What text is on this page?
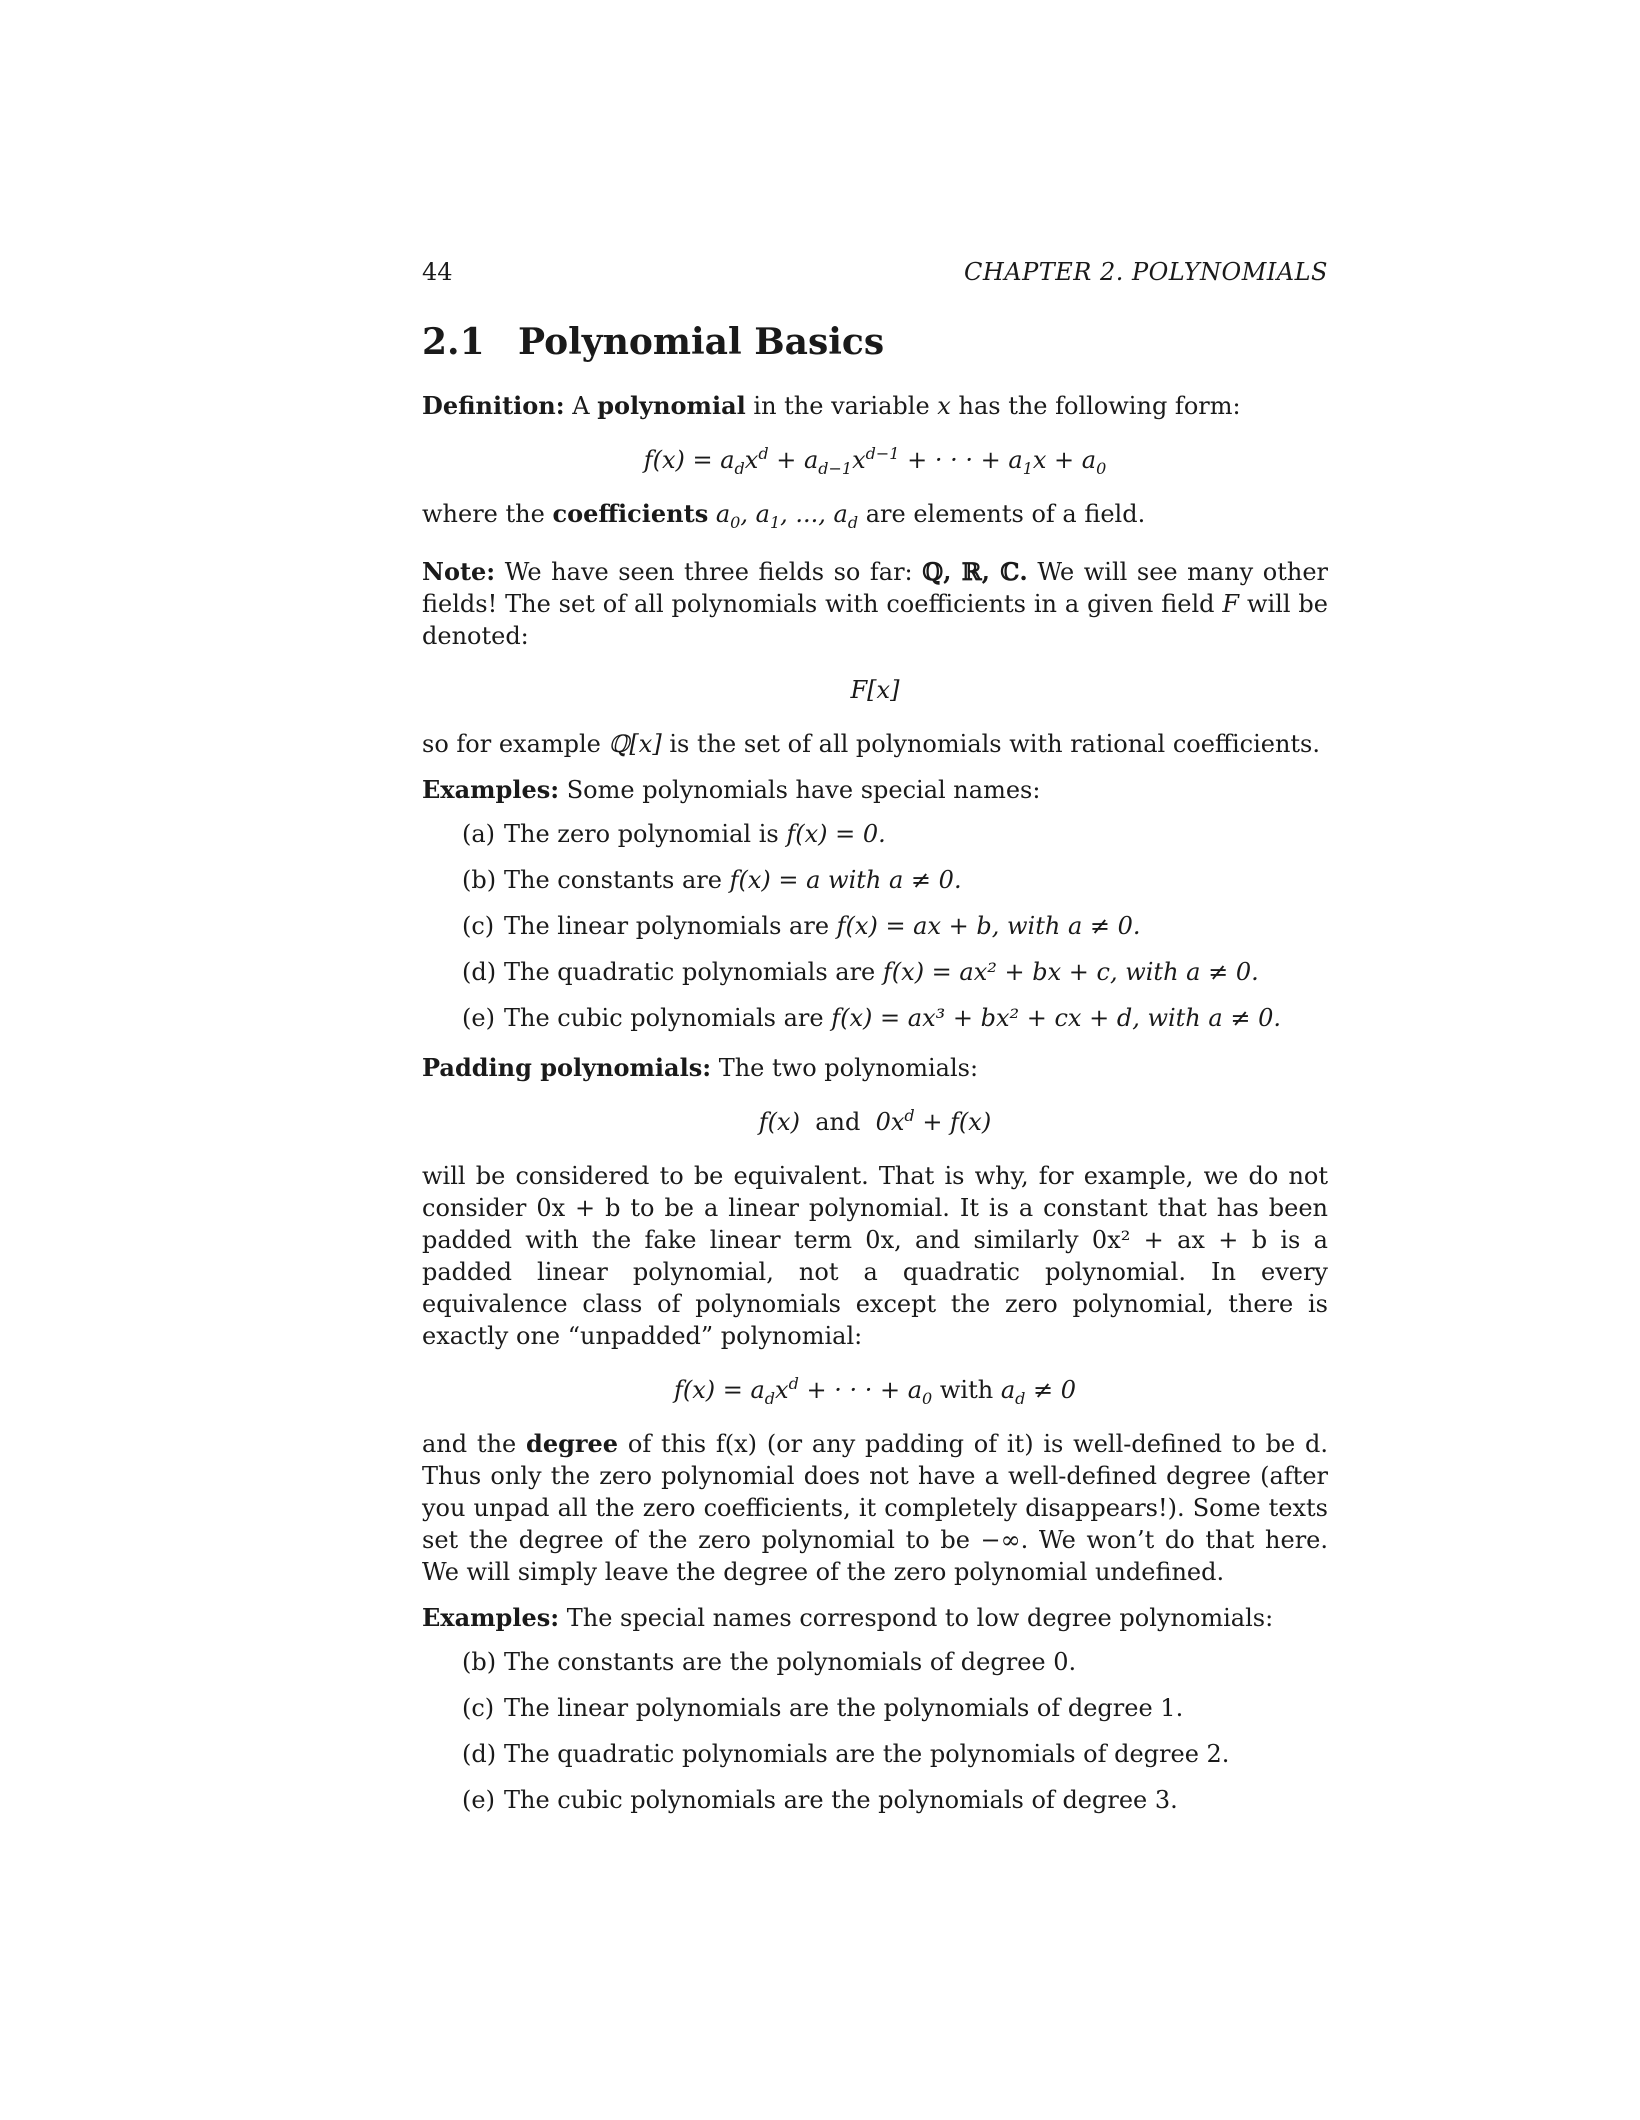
44	CHAPTER 2. POLYNOMIALS
2.1 Polynomial Basics

Definition: A polynomial in the variable x has the following form:

$f(x) = a_dx^d + a_{d-1}x^{d-1}$ + · · · + $a_1x + a_0$

where the coefficients $a_0$, $a_1$, ..., $a_d$ are elements of a field.

Note: We have seen three fields so far: ℚ, ℝ, ℂ. We will see many other fields! The set of all polynomials with coefficients in a given field F will be denoted:

F[x]

so for example ℚ[x] is the set of all polynomials with rational coefficients.

Examples: Some polynomials have special names:

(a) The zero polynomial is f(x) = 0.
(b) The constants are f(x) = a with a ≠ 0.
(c) The linear polynomials are f(x) = ax + b, with a ≠ 0.
(d) The quadratic polynomials are f(x) = ax² + bx + c, with a ≠ 0.
(e) The cubic polynomials are f(x) = ax³ + bx² + cx + d, with a ≠ 0.

Padding polynomials: The two polynomials:

f(x) and $0x^d + f(x)$

will be considered to be equivalent. That is why, for example, we do not consider 0x + b to be a linear polynomial. It is a constant that has been padded with the fake linear term 0x, and similarly 0x² + ax + b is a padded linear polynomial, not a quadratic polynomial. In every equivalence class of polynomials except the zero polynomial, there is exactly one “unpadded” polynomial:

$f(x) = a_dx^d$ + · · · + $a_0$ with $a_d \ne 0$

and the degree of this f(x) (or any padding of it) is well-defined to be d. Thus only the zero polynomial does not have a well-defined degree (after you unpad all the zero coefficients, it completely disappears!). Some texts set the degree of the zero polynomial to be −∞. We won’t do that here. We will simply leave the degree of the zero polynomial undefined.

Examples: The special names correspond to low degree polynomials:

(b) The constants are the polynomials of degree 0.
(c) The linear polynomials are the polynomials of degree 1.
(d) The quadratic polynomials are the polynomials of degree 2.
(e) The cubic polynomials are the polynomials of degree 3.
